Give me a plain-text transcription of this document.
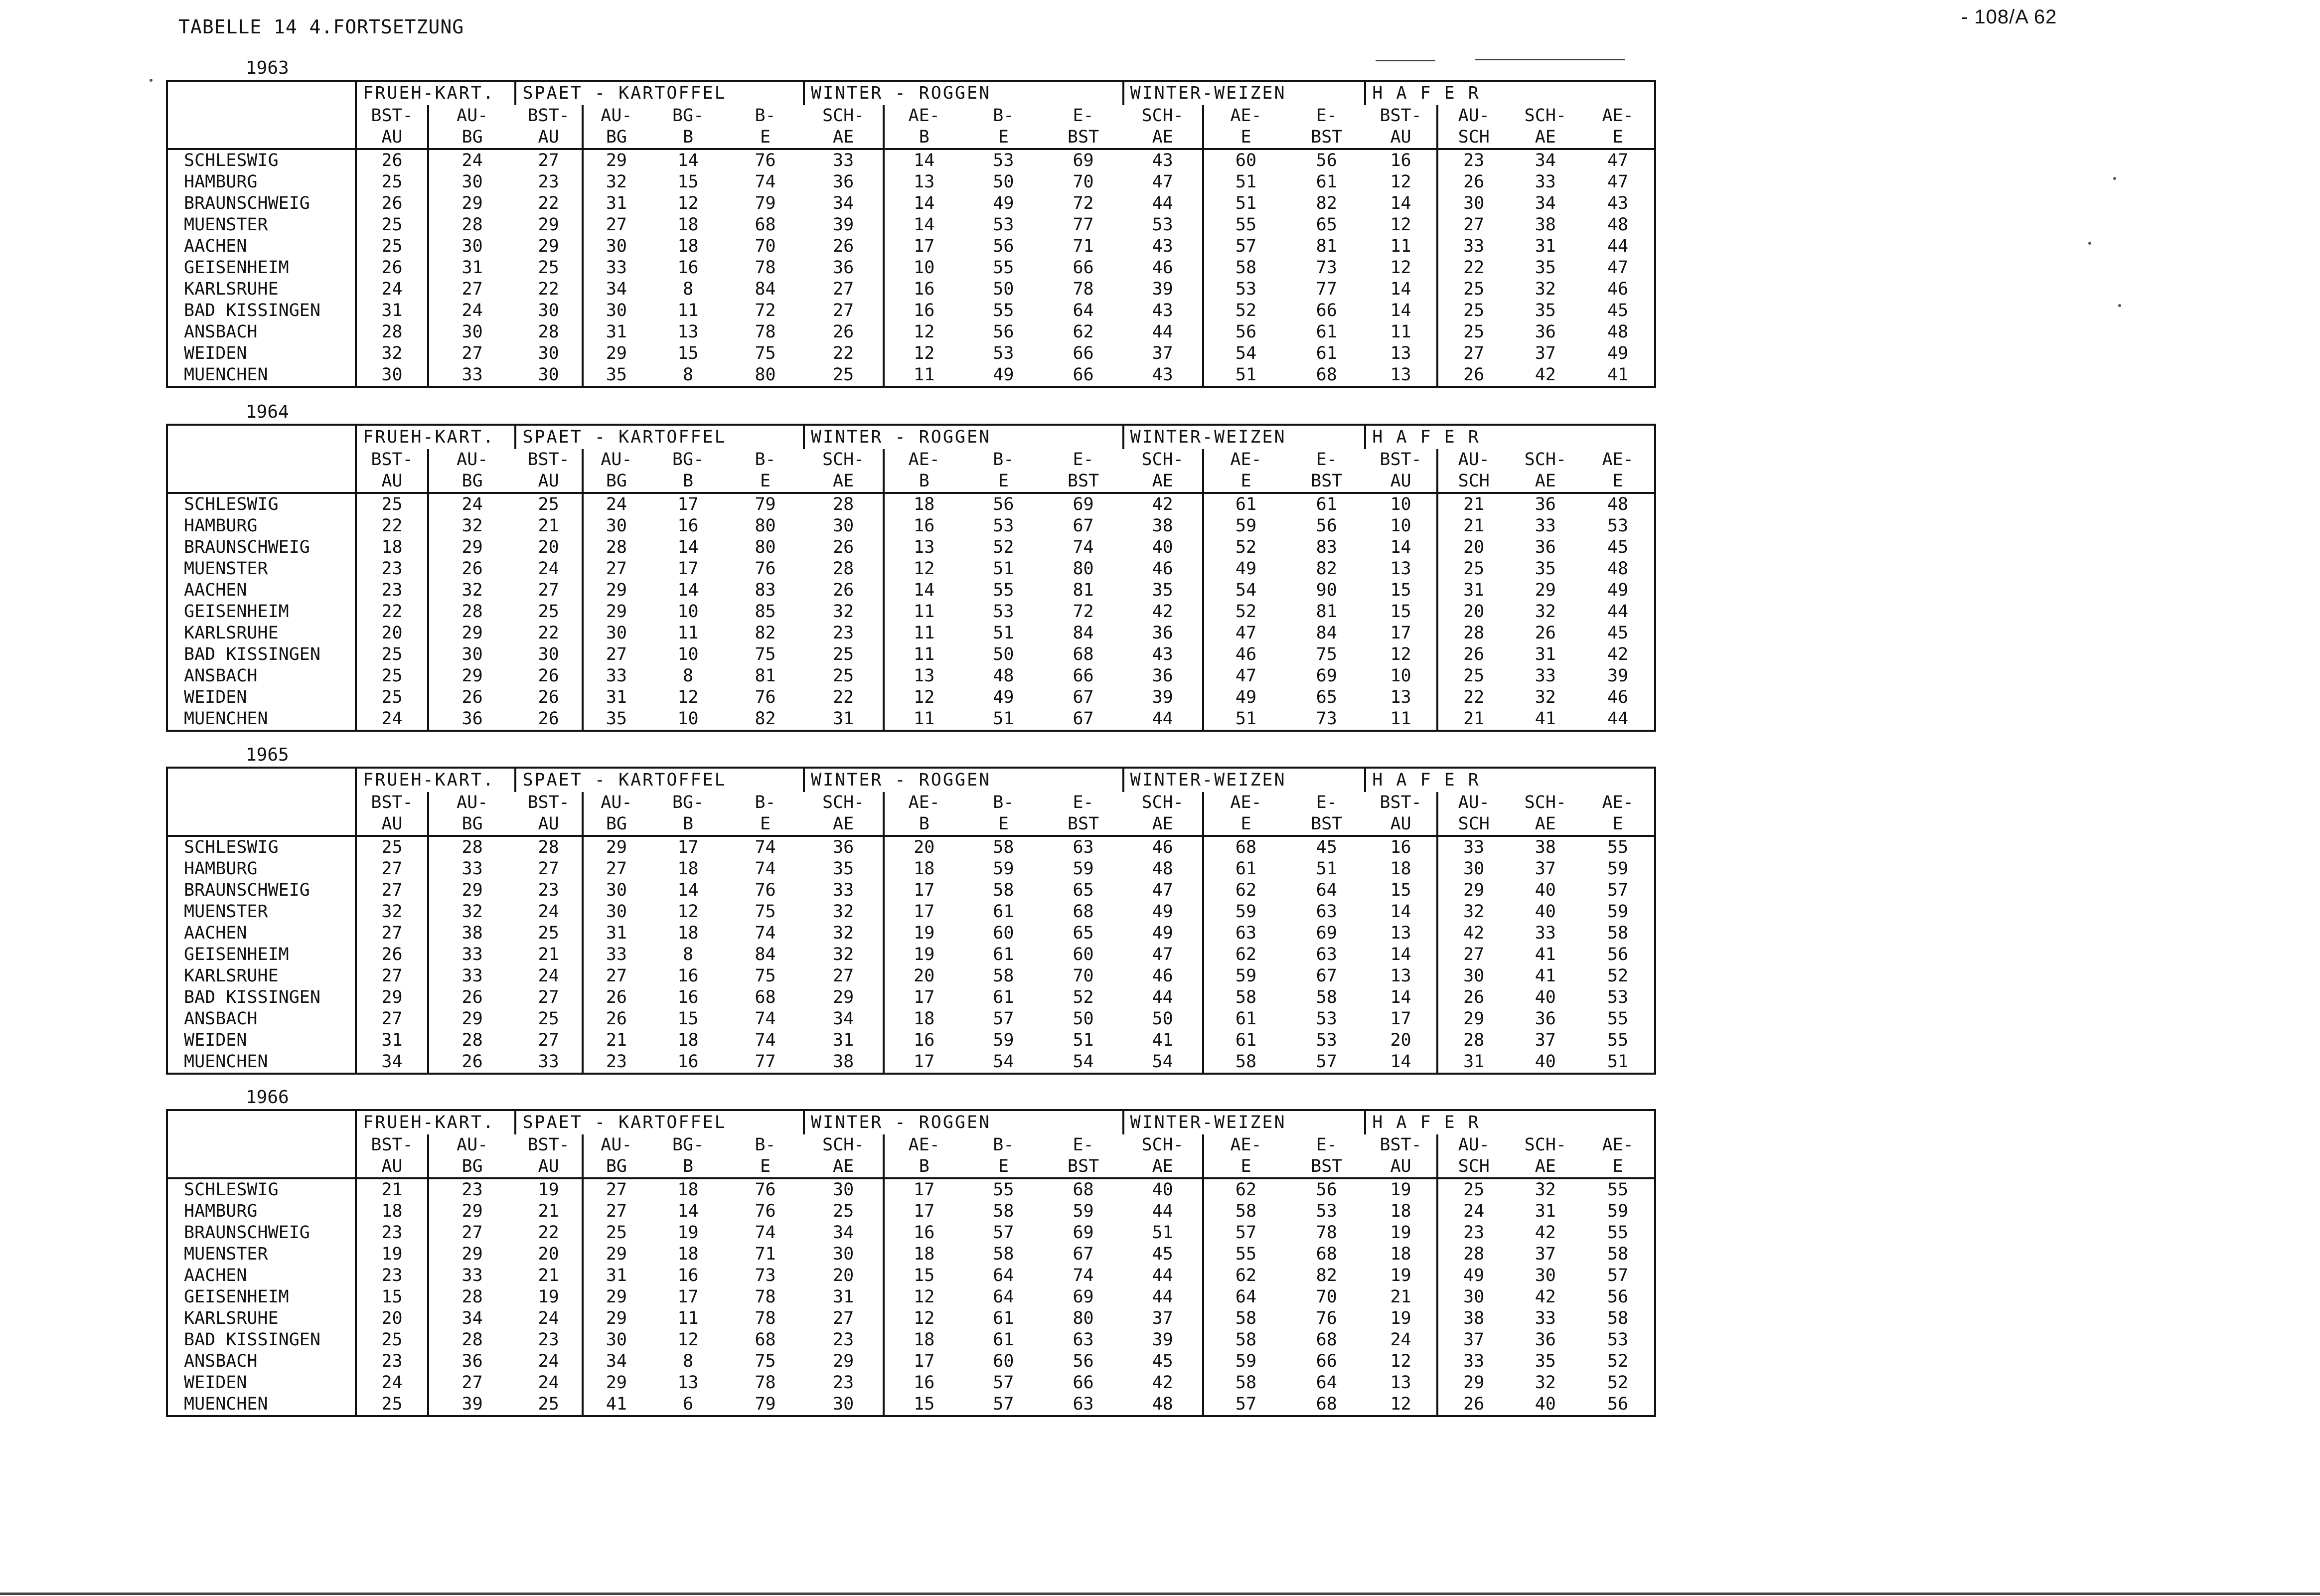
TABELLE 14 4.FORTSETZUNG	- 108/A 62
1963
	FRUEH-KART.		SPAET - KARTOFFEL				WINTER - ROGGEN				WINTER-WEIZEN			H A F E R			
	BST-	AU-	BST-	AU-	BG-	B-	SCH-	AE-	B-	E-	SCH-	AE-	E-	BST-	AU-	SCH-	AE-
	AU	BG	AU	BG	B	E	AE	B	E	BST	AE	E	BST	AU	SCH	AE	E
SCHLESWIG	26	24	27	29	14	76	33	14	53	69	43	60	56	16	23	34	47
HAMBURG	25	30	23	32	15	74	36	13	50	70	47	51	61	12	26	33	47
BRAUNSCHWEIG	26	29	22	31	12	79	34	14	49	72	44	51	82	14	30	34	43
MUENSTER	25	28	29	27	18	68	39	14	53	77	53	55	65	12	27	38	48
AACHEN	25	30	29	30	18	70	26	17	56	71	43	57	81	11	33	31	44
GEISENHEIM	26	31	25	33	16	78	36	10	55	66	46	58	73	12	22	35	47
KARLSRUHE	24	27	22	34	8	84	27	16	50	78	39	53	77	14	25	32	46
BAD KISSINGEN	31	24	30	30	11	72	27	16	55	64	43	52	66	14	25	35	45
ANSBACH	28	30	28	31	13	78	26	12	56	62	44	56	61	11	25	36	48
WEIDEN	32	27	30	29	15	75	22	12	53	66	37	54	61	13	27	37	49
MUENCHEN	30	33	30	35	8	80	25	11	49	66	43	51	68	13	26	42	41
1964
	FRUEH-KART.		SPAET - KARTOFFEL				WINTER - ROGGEN				WINTER-WEIZEN			H A F E R			
	BST-	AU-	BST-	AU-	BG-	B-	SCH-	AE-	B-	E-	SCH-	AE-	E-	BST-	AU-	SCH-	AE-
	AU	BG	AU	BG	B	E	AE	B	E	BST	AE	E	BST	AU	SCH	AE	E
SCHLESWIG	25	24	25	24	17	79	28	18	56	69	42	61	61	10	21	36	48
HAMBURG	22	32	21	30	16	80	30	16	53	67	38	59	56	10	21	33	53
BRAUNSCHWEIG	18	29	20	28	14	80	26	13	52	74	40	52	83	14	20	36	45
MUENSTER	23	26	24	27	17	76	28	12	51	80	46	49	82	13	25	35	48
AACHEN	23	32	27	29	14	83	26	14	55	81	35	54	90	15	31	29	49
GEISENHEIM	22	28	25	29	10	85	32	11	53	72	42	52	81	15	20	32	44
KARLSRUHE	20	29	22	30	11	82	23	11	51	84	36	47	84	17	28	26	45
BAD KISSINGEN	25	30	30	27	10	75	25	11	50	68	43	46	75	12	26	31	42
ANSBACH	25	29	26	33	8	81	25	13	48	66	36	47	69	10	25	33	39
WEIDEN	25	26	26	31	12	76	22	12	49	67	39	49	65	13	22	32	46
MUENCHEN	24	36	26	35	10	82	31	11	51	67	44	51	73	11	21	41	44
1965
	FRUEH-KART.		SPAET - KARTOFFEL				WINTER - ROGGEN				WINTER-WEIZEN			H A F E R			
	BST-	AU-	BST-	AU-	BG-	B-	SCH-	AE-	B-	E-	SCH-	AE-	E-	BST-	AU-	SCH-	AE-
	AU	BG	AU	BG	B	E	AE	B	E	BST	AE	E	BST	AU	SCH	AE	E
SCHLESWIG	25	28	28	29	17	74	36	20	58	63	46	68	45	16	33	38	55
HAMBURG	27	33	27	27	18	74	35	18	59	59	48	61	51	18	30	37	59
BRAUNSCHWEIG	27	29	23	30	14	76	33	17	58	65	47	62	64	15	29	40	57
MUENSTER	32	32	24	30	12	75	32	17	61	68	49	59	63	14	32	40	59
AACHEN	27	38	25	31	18	74	32	19	60	65	49	63	69	13	42	33	58
GEISENHEIM	26	33	21	33	8	84	32	19	61	60	47	62	63	14	27	41	56
KARLSRUHE	27	33	24	27	16	75	27	20	58	70	46	59	67	13	30	41	52
BAD KISSINGEN	29	26	27	26	16	68	29	17	61	52	44	58	58	14	26	40	53
ANSBACH	27	29	25	26	15	74	34	18	57	50	50	61	53	17	29	36	55
WEIDEN	31	28	27	21	18	74	31	16	59	51	41	61	53	20	28	37	55
MUENCHEN	34	26	33	23	16	77	38	17	54	54	54	58	57	14	31	40	51
1966
	FRUEH-KART.		SPAET - KARTOFFEL				WINTER - ROGGEN				WINTER-WEIZEN			H A F E R			
	BST-	AU-	BST-	AU-	BG-	B-	SCH-	AE-	B-	E-	SCH-	AE-	E-	BST-	AU-	SCH-	AE-
	AU	BG	AU	BG	B	E	AE	B	E	BST	AE	E	BST	AU	SCH	AE	E
SCHLESWIG	21	23	19	27	18	76	30	17	55	68	40	62	56	19	25	32	55
HAMBURG	18	29	21	27	14	76	25	17	58	59	44	58	53	18	24	31	59
BRAUNSCHWEIG	23	27	22	25	19	74	34	16	57	69	51	57	78	19	23	42	55
MUENSTER	19	29	20	29	18	71	30	18	58	67	45	55	68	18	28	37	58
AACHEN	23	33	21	31	16	73	20	15	64	74	44	62	82	19	49	30	57
GEISENHEIM	15	28	19	29	17	78	31	12	64	69	44	64	70	21	30	42	56
KARLSRUHE	20	34	24	29	11	78	27	12	61	80	37	58	76	19	38	33	58
BAD KISSINGEN	25	28	23	30	12	68	23	18	61	63	39	58	68	24	37	36	53
ANSBACH	23	36	24	34	8	75	29	17	60	56	45	59	66	12	33	35	52
WEIDEN	24	27	24	29	13	78	23	16	57	66	42	58	64	13	29	32	52
MUENCHEN	25	39	25	41	6	79	30	15	57	63	48	57	68	12	26	40	56
